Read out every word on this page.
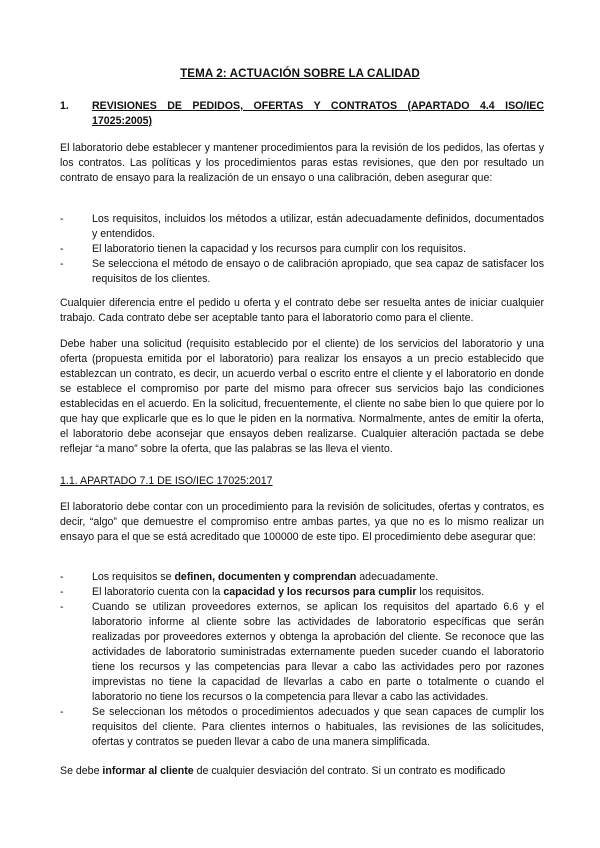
TEMA 2: ACTUACIÓN SOBRE LA CALIDAD
1. REVISIONES DE PEDIDOS, OFERTAS Y CONTRATOS (APARTADO 4.4 ISO/IEC 17025:2005)

El laboratorio debe establecer y mantener procedimientos para la revisión de los pedidos, las ofertas y los contratos. Las políticas y los procedimientos paras estas revisiones, que den por resultado un contrato de ensayo para la realización de un ensayo o una calibración, deben asegurar que:

-	Los requisitos, incluidos los métodos a utilizar, están adecuadamente definidos, documentados y entendidos.
-	El laboratorio tienen la capacidad y los recursos para cumplir con los requisitos.
-	Se selecciona el método de ensayo o de calibración apropiado, que sea capaz de satisfacer los requisitos de los clientes.

Cualquier diferencia entre el pedido u oferta y el contrato debe ser resuelta antes de iniciar cualquier trabajo. Cada contrato debe ser aceptable tanto para el laboratorio como para el cliente.

Debe haber una solicitud (requisito establecido por el cliente) de los servicios del laboratorio y una oferta (propuesta emitida por el laboratorio) para realizar los ensayos a un precio establecido que establezcan un contrato, es decir, un acuerdo verbal o escrito entre el cliente y el laboratorio en donde se establece el compromiso por parte del mismo para ofrecer sus servicios bajo las condiciones establecidas en el acuerdo. En la solicitud, frecuentemente, el cliente no sabe bien lo que quiere por lo que hay que explicarle que es lo que le piden en la normativa. Normalmente, antes de emitir la oferta, el laboratorio debe aconsejar que ensayos deben realizarse. Cualquier alteración pactada se debe reflejar “a mano” sobre la oferta, que las palabras se las lleva el viento.

1.1. APARTADO 7.1 DE ISO/IEC 17025:2017

El laboratorio debe contar con un procedimiento para la revisión de solicitudes, ofertas y contratos, es decir, “algo” que demuestre el compromiso entre ambas partes, ya que no es lo mismo realizar un ensayo para el que se está acreditado que 100000 de este tipo. El procedimiento debe asegurar que:

-	Los requisitos se definen, documenten y comprendan adecuadamente.
-	El laboratorio cuenta con la capacidad y los recursos para cumplir los requisitos.
-	Cuando se utilizan proveedores externos, se aplican los requisitos del apartado 6.6 y el laboratorio informe al cliente sobre las actividades de laboratorio específicas que serán realizadas por proveedores externos y obtenga la aprobación del cliente. Se reconoce que las actividades de laboratorio suministradas externamente pueden suceder cuando el laboratorio tiene los recursos y las competencias para llevar a cabo las actividades pero por razones imprevistas no tiene la capacidad de llevarlas a cabo en parte o totalmente o cuando el laboratorio no tiene los recursos o la competencia para llevar a cabo las actividades.
-	Se seleccionan los métodos o procedimientos adecuados y que sean capaces de cumplir los requisitos del cliente. Para clientes internos o habituales, las revisiones de las solicitudes, ofertas y contratos se pueden llevar a cabo de una manera simplificada.

Se debe informar al cliente de cualquier desviación del contrato. Si un contrato es modificado
